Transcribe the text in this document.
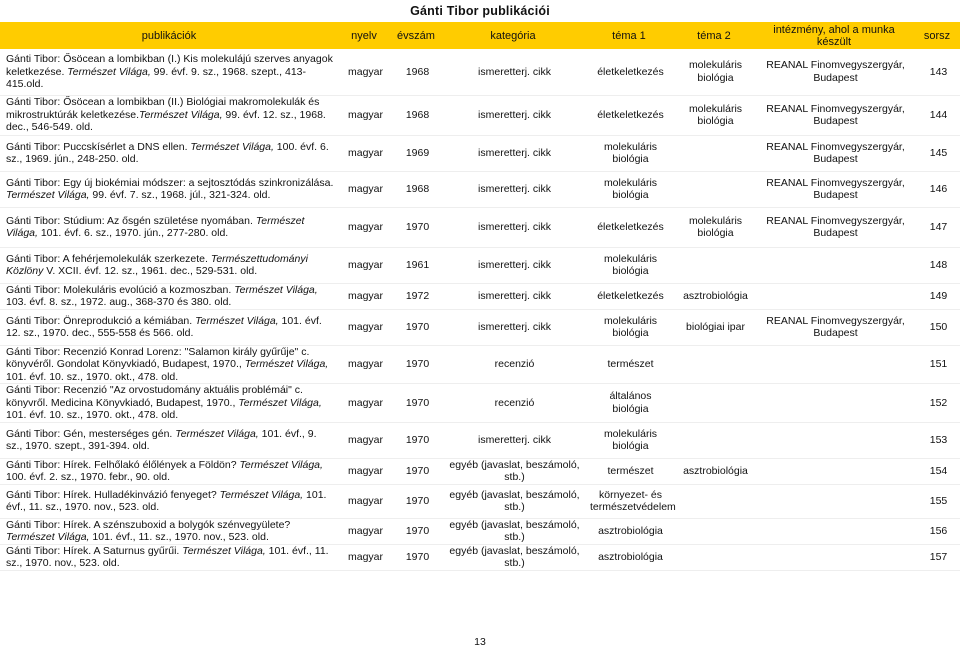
Gánti Tibor publikációi
publikációk	nyelv	évszám	kategória	téma 1	téma 2	intézmény, ahol a munka készült	sorsz
Gánti Tibor: Ősöcean a lombikban (I.) Kis molekulájú szerves anyagok keletkezése. Természet Világa, 99. évf. 9. sz., 1968. szept., 413-415.old.	magyar	1968	ismeretterj. cikk	életkeletkezés	molekuláris biológia	REANAL Finomvegyszergyár, Budapest	143
Gánti Tibor: Ősöcean a lombikban (II.) Biológiai makromolekulák és mikrostruktúrák keletkezése.Természet Világa, 99. évf. 12. sz., 1968. dec., 546-549. old.	magyar	1968	ismeretterj. cikk	életkeletkezés	molekuláris biológia	REANAL Finomvegyszergyár, Budapest	144
Gánti Tibor: Puccskísérlet a DNS ellen. Természet Világa, 100. évf. 6. sz., 1969. jún., 248-250. old.	magyar	1969	ismeretterj. cikk	molekuláris biológia		REANAL Finomvegyszergyár, Budapest	145
Gánti Tibor: Egy új biokémiai módszer: a sejtosztódás szinkronizálása. Természet Világa, 99. évf. 7. sz., 1968. júl., 321-324. old.	magyar	1968	ismeretterj. cikk	molekuláris biológia		REANAL Finomvegyszergyár, Budapest	146
Gánti Tibor: Stúdium: Az ősgén születése nyomában. Természet Világa, 101. évf. 6. sz., 1970. jún., 277-280. old.	magyar	1970	ismeretterj. cikk	életkeletkezés	molekuláris biológia	REANAL Finomvegyszergyár, Budapest	147
Gánti Tibor: A fehérjemolekulák szerkezete. Természettudományi Közlöny V. XCII. évf. 12. sz., 1961. dec., 529-531. old.	magyar	1961	ismeretterj. cikk	molekuláris biológia			148
Gánti Tibor: Molekuláris evolúció a kozmoszban. Természet Világa, 103. évf. 8. sz., 1972. aug., 368-370 és 380. old.	magyar	1972	ismeretterj. cikk	életkeletkezés	asztrobiológia		149
Gánti Tibor: Önreprodukció a kémiában. Természet Világa, 101. évf. 12. sz., 1970. dec., 555-558 és 566. old.	magyar	1970	ismeretterj. cikk	molekuláris biológia	biológiai ipar	REANAL Finomvegyszergyár, Budapest	150
Gánti Tibor: Recenzió Konrad Lorenz: "Salamon király gyűrűje" c. könyvéről. Gondolat Könyvkiadó, Budapest, 1970., Természet Világa, 101. évf. 10. sz., 1970. okt., 478. old.	magyar	1970	recenzió	természet			151
Gánti Tibor: Recenzió "Az orvostudomány aktuális problémái" c. könyvről. Medicina Könyvkiadó, Budapest, 1970., Természet Világa, 101. évf. 10. sz., 1970. okt., 478. old.	magyar	1970	recenzió	általános biológia			152
Gánti Tibor: Gén, mesterséges gén. Természet Világa, 101. évf., 9. sz., 1970. szept., 391-394. old.	magyar	1970	ismeretterj. cikk	molekuláris biológia			153
Gánti Tibor: Hírek. Felhőlakó élőlények a Földön? Természet Világa, 100. évf. 2. sz., 1970. febr., 90. old.	magyar	1970	egyéb (javaslat, beszámoló, stb.)	természet	asztrobiológia		154
Gánti Tibor: Hírek. Hulladékinvázió fenyeget? Természet Világa, 101. évf., 11. sz., 1970. nov., 523. old.	magyar	1970	egyéb (javaslat, beszámoló, stb.)	környezet- és természetvédelem			155
Gánti Tibor: Hírek. A szénszuboxid a bolygók szénvegyülete? Természet Világa, 101. évf., 11. sz., 1970. nov., 523. old.	magyar	1970	egyéb (javaslat, beszámoló, stb.)	asztrobiológia			156
Gánti Tibor: Hírek. A Saturnus gyűrűi. Természet Világa, 101. évf., 11. sz., 1970. nov., 523. old.	magyar	1970	egyéb (javaslat, beszámoló, stb.)	asztrobiológia			157
13
